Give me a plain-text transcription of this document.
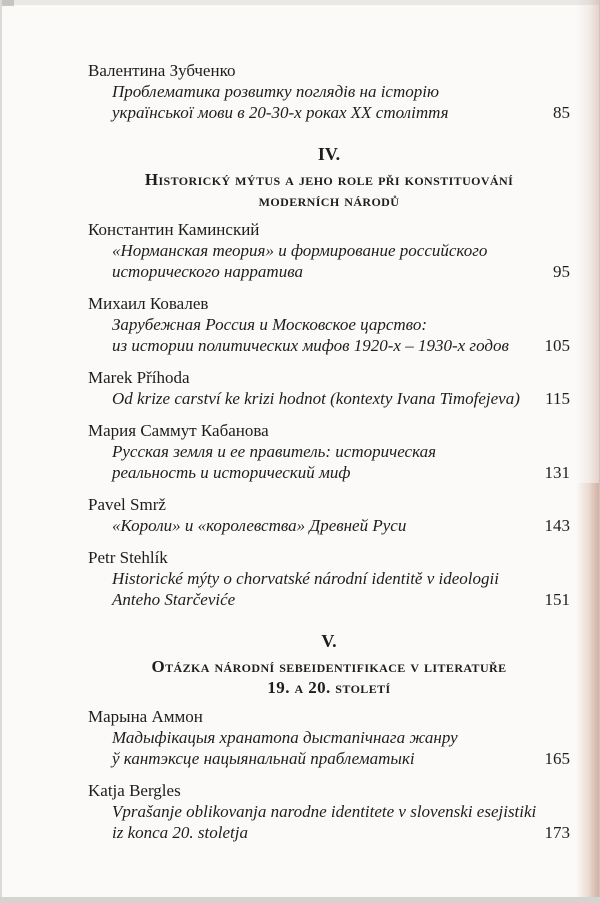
Валентина Зубченко
Проблематика розвитку поглядів на історію
української мови в 20-30-х роках ХХ століття	85
IV.
Historický mýtus a jeho role při konstituování
moderních národů
Константин Каминский
«Норманская теория» и формирование российского
исторического нарратива	95
Михаил Ковалев
Зарубежная Россия и Московское царство:
из истории политических мифов 1920-х – 1930-х годов	105
Marek Příhoda
Od krize carství ke krizi hodnot (kontexty Ivana Timofejeva)	115
Мария Саммут Кабанова
Русская земля и ее правитель: историческая
реальность и исторический миф	131
Pavel Smrž
«Короли» и «королевства» Древней Руси	143
Petr Stehlík
Historické mýty o chorvatské národní identitě v ideologii
Anteho Starčeviće	151
V.
Otázka národní sebeidentifikace v literatuře
19. a 20. století
Марына Аммон
Мадыфікацыя хранатопа дыстапічнага жанру
ў кантэксце нацыянальнай праблематыкі	165
Katja Bergles
Vprašanje oblikovanja narodne identitete v slovenski esejistiki
iz konca 20. stoletja	173
